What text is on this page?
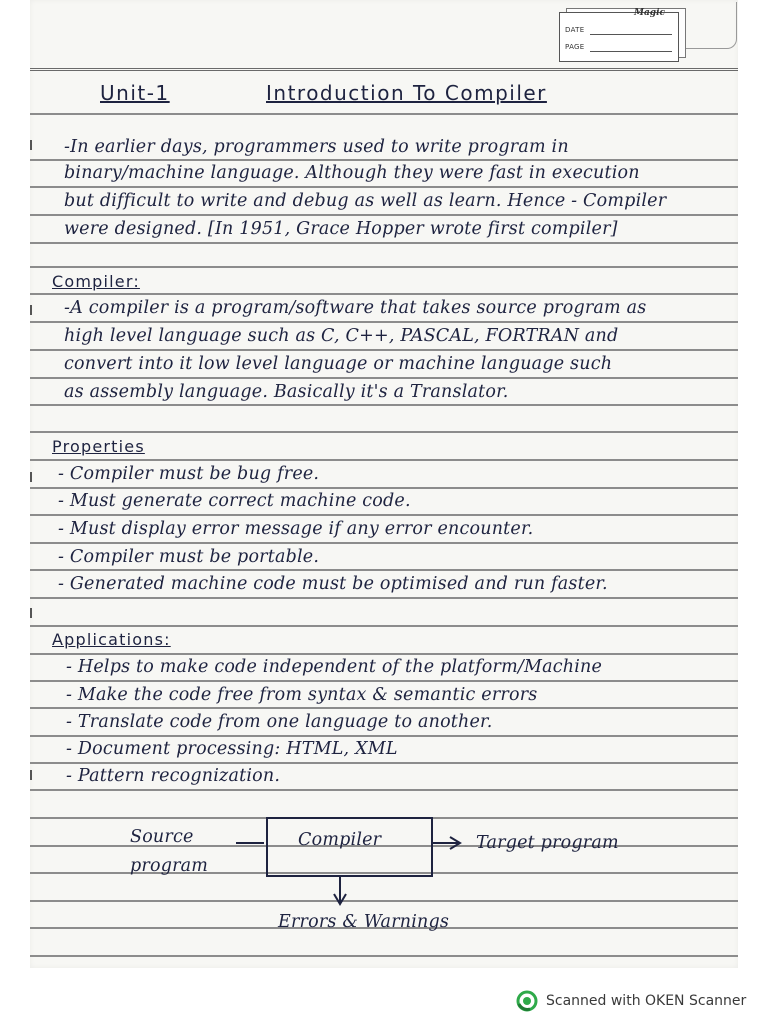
DATE
PAGE
Magic
Unit-1	Introduction To Compiler
-In earlier days, programmers used to write program in
binary/machine language. Although they were fast in execution
but difficult to write and debug as well as learn. Hence - Compiler
were designed. [In 1951, Grace Hopper wrote first compiler]
Compiler:
-A compiler is a program/software that takes source program as
high level language such as C, C++, PASCAL, FORTRAN and
convert into it low level language or machine language such
as assembly language. Basically it's a Translator.
Properties
- Compiler must be bug free.
- Must generate correct machine code.
- Must display error message if any error encounter.
- Compiler must be portable.
- Generated machine code must be optimised and run faster.
Applications:
- Helps to make code independent of the platform/Machine
- Make the code free from syntax & semantic errors
- Translate code from one language to another.
- Document processing: HTML, XML
- Pattern recognization.
Source
program
Compiler	Target program
Errors & Warnings
Scanned with OKEN Scanner
